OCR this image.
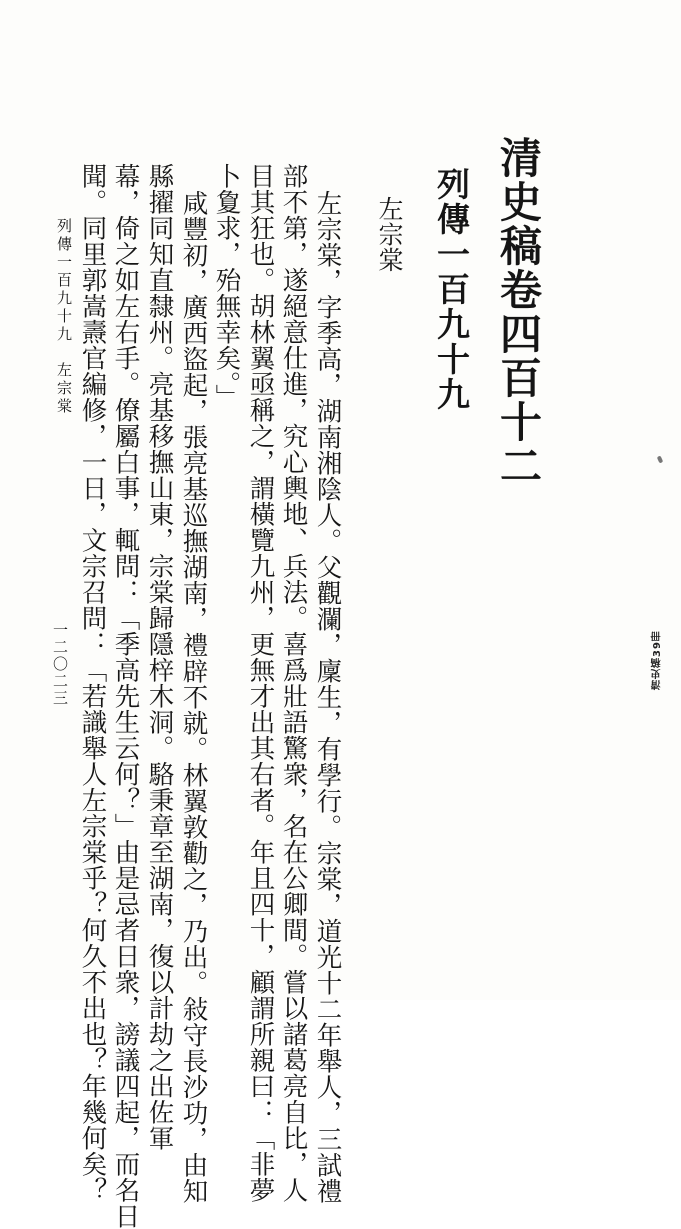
清史稿卷四百十二
列傳一百九十九
左宗棠
左宗棠，字季高，湖南湘陰人。父觀瀾，廩生，有學行。宗棠，道光十二年舉人，三試禮
部不第，遂絕意仕進，究心輿地、兵法。喜爲壯語驚衆，名在公卿間。嘗以諸葛亮自比，人
目其狂也。胡林翼亟稱之，謂橫覽九州，更無才出其右者。年且四十，顧謂所親曰：「非夢
卜夐求，殆無幸矣。」
咸豐初，廣西盜起，張亮基巡撫湖南，禮辟不就。林翼敦勸之，乃出。敍守長沙功，由知
縣擢同知直隸州。亮基移撫山東，宗棠歸隱梓木洞。駱秉章至湖南，復以計劫之出佐軍
幕，倚之如左右手。僚屬白事，輒問：「季高先生云何？」由是忌者日衆，謗議四起，而名日
聞。同里郭嵩燾官編修，一日，文宗召問：「若識舉人左宗棠乎？何久不出也？年幾何矣？
列傳一百九十九　左宗棠
一二〇二三	清史稿39冊
